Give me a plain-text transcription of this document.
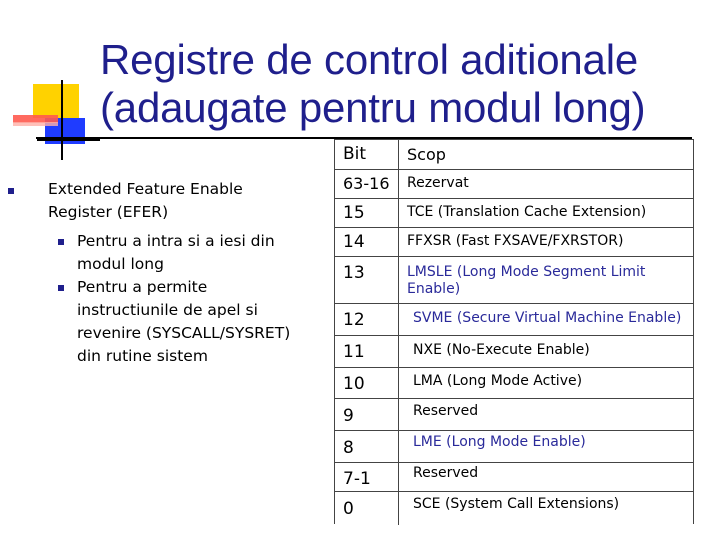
Registre de control aditionale
(adaugate pentru modul long)
Extended Feature Enable
Register (EFER)
Pentru a intra si a iesi din
modul long
Pentru a permite
instructiunile de apel si
revenire (SYSCALL/SYSRET)
din rutine sistem
Bit	Scop
63-16 Rezervat
15	TCE (Translation Cache Extension)
14	FFXSR (Fast FXSAVE/FXRSTOR)
13	LMSLE (Long Mode Segment Limit Enable)
12	SVME (Secure Virtual Machine Enable)
11	NXE (No-Execute Enable)
10	LMA (Long Mode Active)
9	Reserved
8	LME (Long Mode Enable)
7-1	Reserved
0	SCE (System Call Extensions)
